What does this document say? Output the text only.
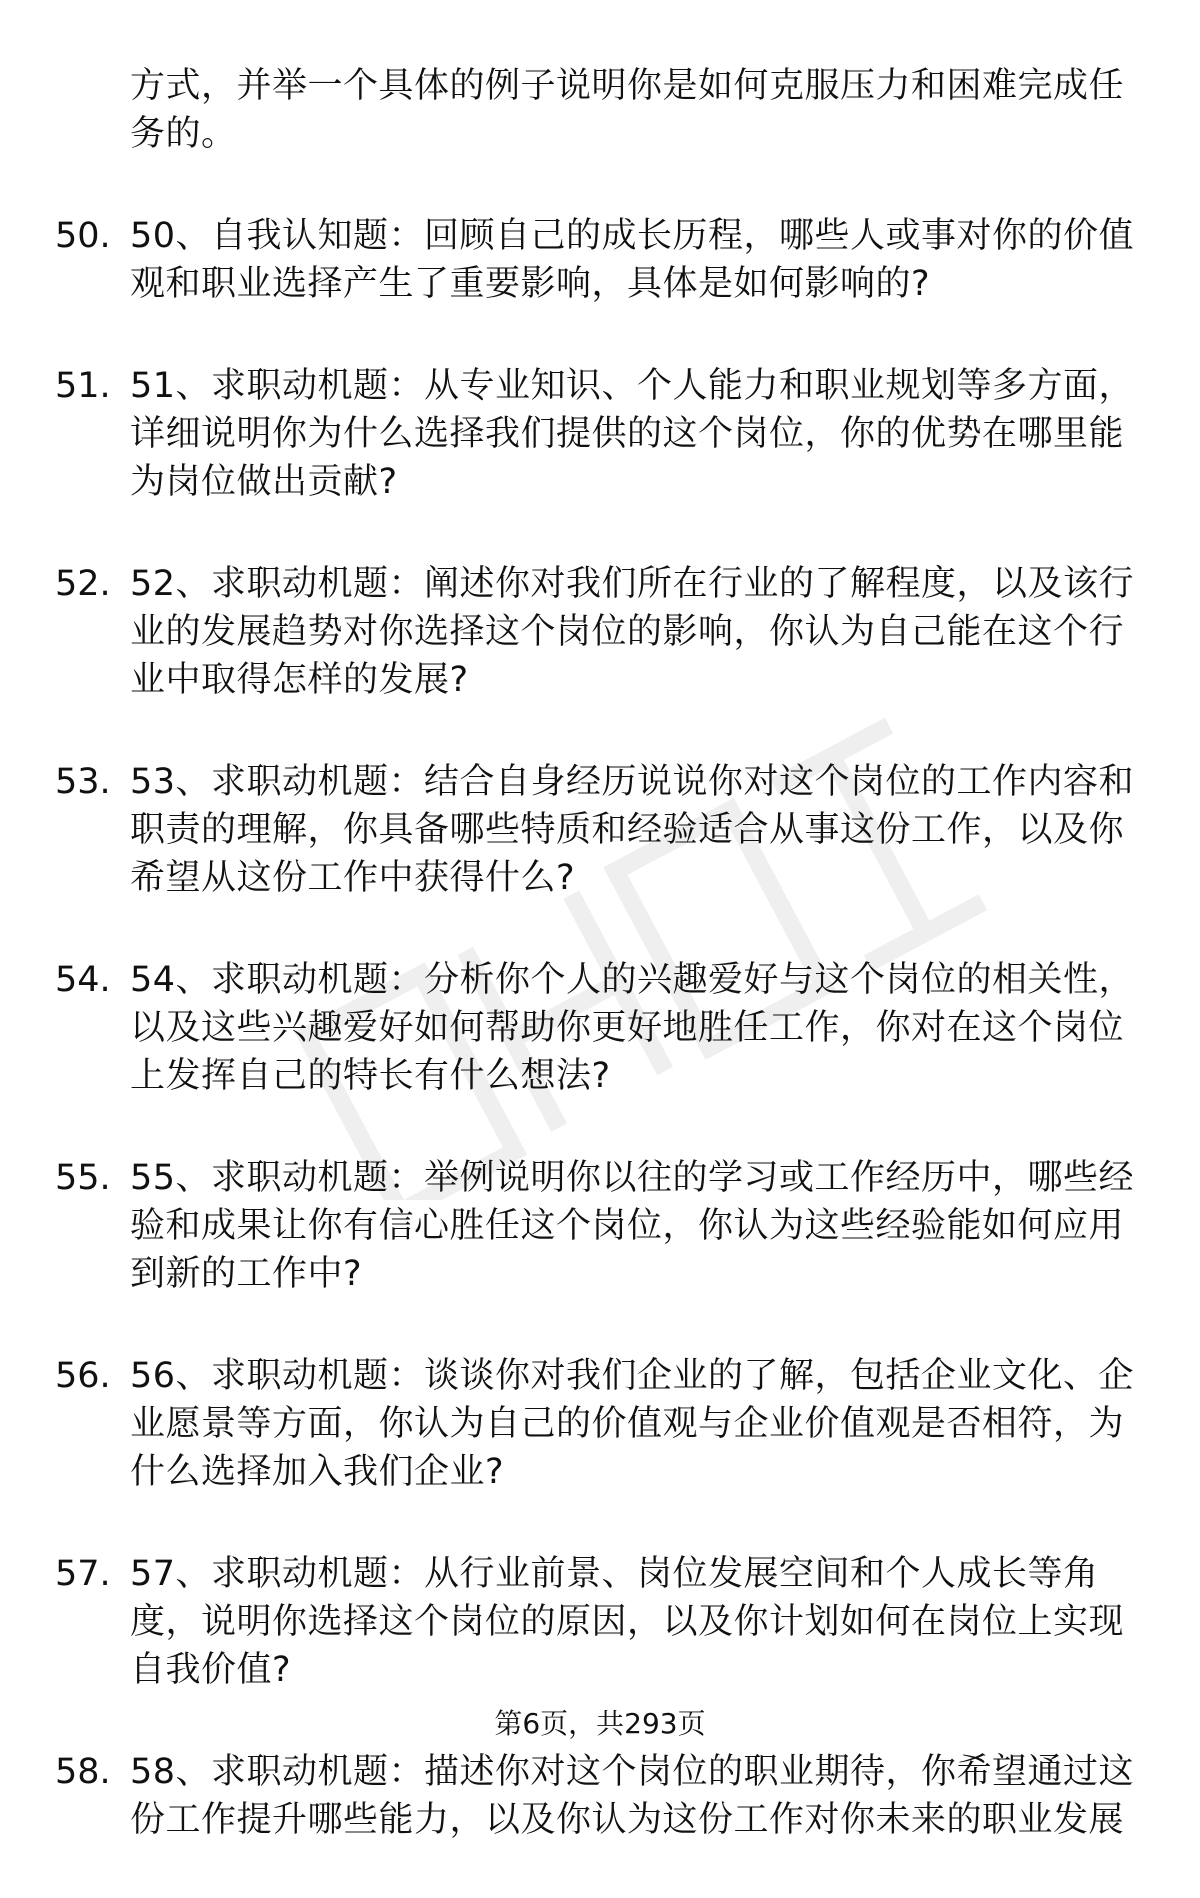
方式，并举一个具体的例子说明你是如何克服压力和困难完成任务的。
50. 50、自我认知题：回顾自己的成长历程，哪些人或事对你的价值观和职业选择产生了重要影响，具体是如何影响的?
51. 51、求职动机题：从专业知识、个人能力和职业规划等多方面，详细说明你为什么选择我们提供的这个岗位，你的优势在哪里能为岗位做出贡献?
52. 52、求职动机题：阐述你对我们所在行业的了解程度，以及该行业的发展趋势对你选择这个岗位的影响，你认为自己能在这个行业中取得怎样的发展?
53. 53、求职动机题：结合自身经历说说你对这个岗位的工作内容和职责的理解，你具备哪些特质和经验适合从事这份工作，以及你希望从这份工作中获得什么?
54. 54、求职动机题：分析你个人的兴趣爱好与这个岗位的相关性，以及这些兴趣爱好如何帮助你更好地胜任工作，你对在这个岗位上发挥自己的特长有什么想法?
55. 55、求职动机题：举例说明你以往的学习或工作经历中，哪些经验和成果让你有信心胜任这个岗位，你认为这些经验能如何应用到新的工作中?
56. 56、求职动机题：谈谈你对我们企业的了解，包括企业文化、企业愿景等方面，你认为自己的价值观与企业价值观是否相符，为什么选择加入我们企业?
57. 57、求职动机题：从行业前景、岗位发展空间和个人成长等角度，说明你选择这个岗位的原因，以及你计划如何在岗位上实现自我价值?
58. 58、求职动机题：描述你对这个岗位的职业期待，你希望通过这份工作提升哪些能力，以及你认为这份工作对你未来的职业发展
第6页，共293页
